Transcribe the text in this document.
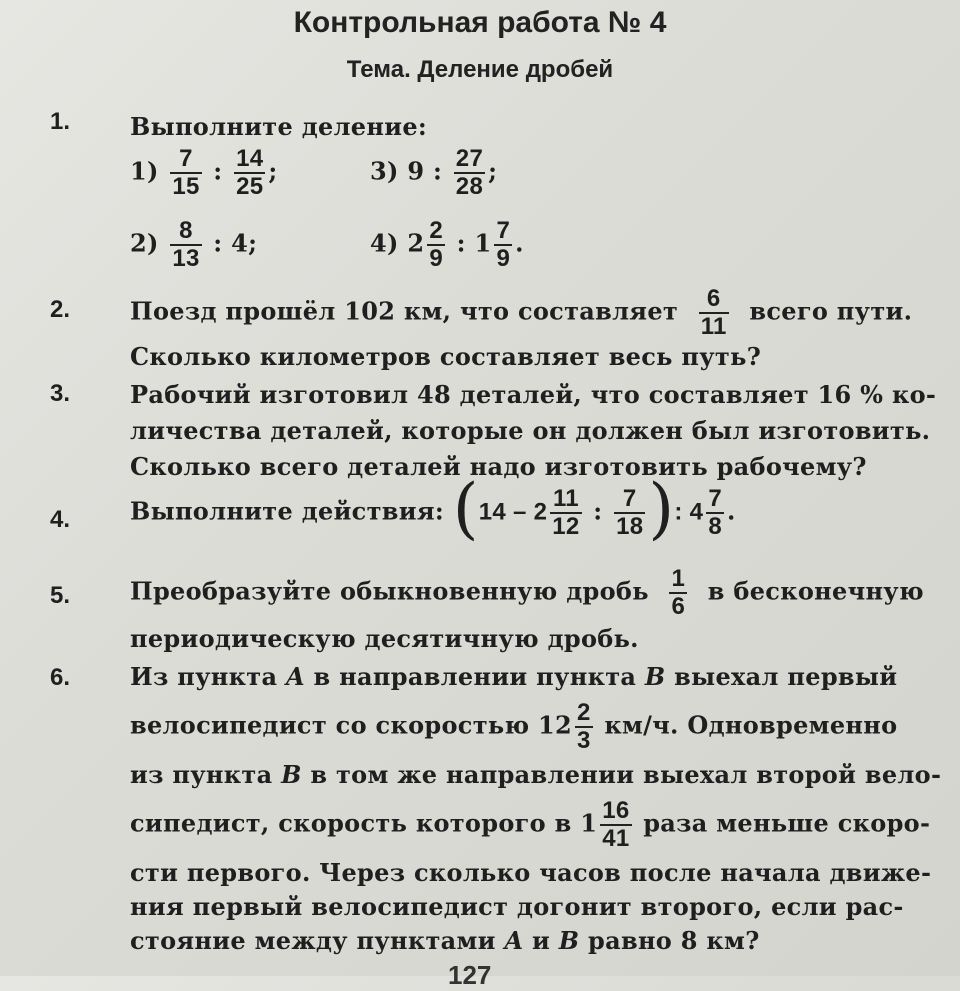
Контрольная работа № 4
Тема. Деление дробей
1. Выполните деление:
$1) \frac{7}{15}$ : $\frac{14}{25}$ ;	3) 9 : $\frac{27}{28}$ ;
$2) \frac{8}{13}$ : 4;	4) $2 \frac{2}{9}$ : $1 \frac{7}{9}$ .
2. Поезд прошёл 102 км, что составляет $\frac{6}{11}$ всего пути.
Сколько километров составляет весь путь?
3. Рабочий изготовил 48 деталей, что составляет 16 % ко-
личества деталей, которые он должен был изготовить.
Сколько всего деталей надо изготовить рабочему?
4. Выполните действия: ($14 - 2 \frac{11}{12}$ : $\frac{7}{18}$ ): $4 \frac{7}{8}$ .
5. Преобразуйте обыкновенную дробь $\frac{1}{6}$ в бесконечную
периодическую десятичную дробь.
6. Из пункта A в направлении пункта B выехал первый
велосипедист со скоростью $12 \frac{2}{3} км/ч$. Одновременно
из пункта B в том же направлении выехал второй вело-
сипедист, скорость которого в $1 \frac{16}{41}$ раза меньше скоро-
сти первого. Через сколько часов после начала движе-
ния первый велосипедист догонит второго, если рас-
стояние между пунктами A и B равно 8 км?
127
